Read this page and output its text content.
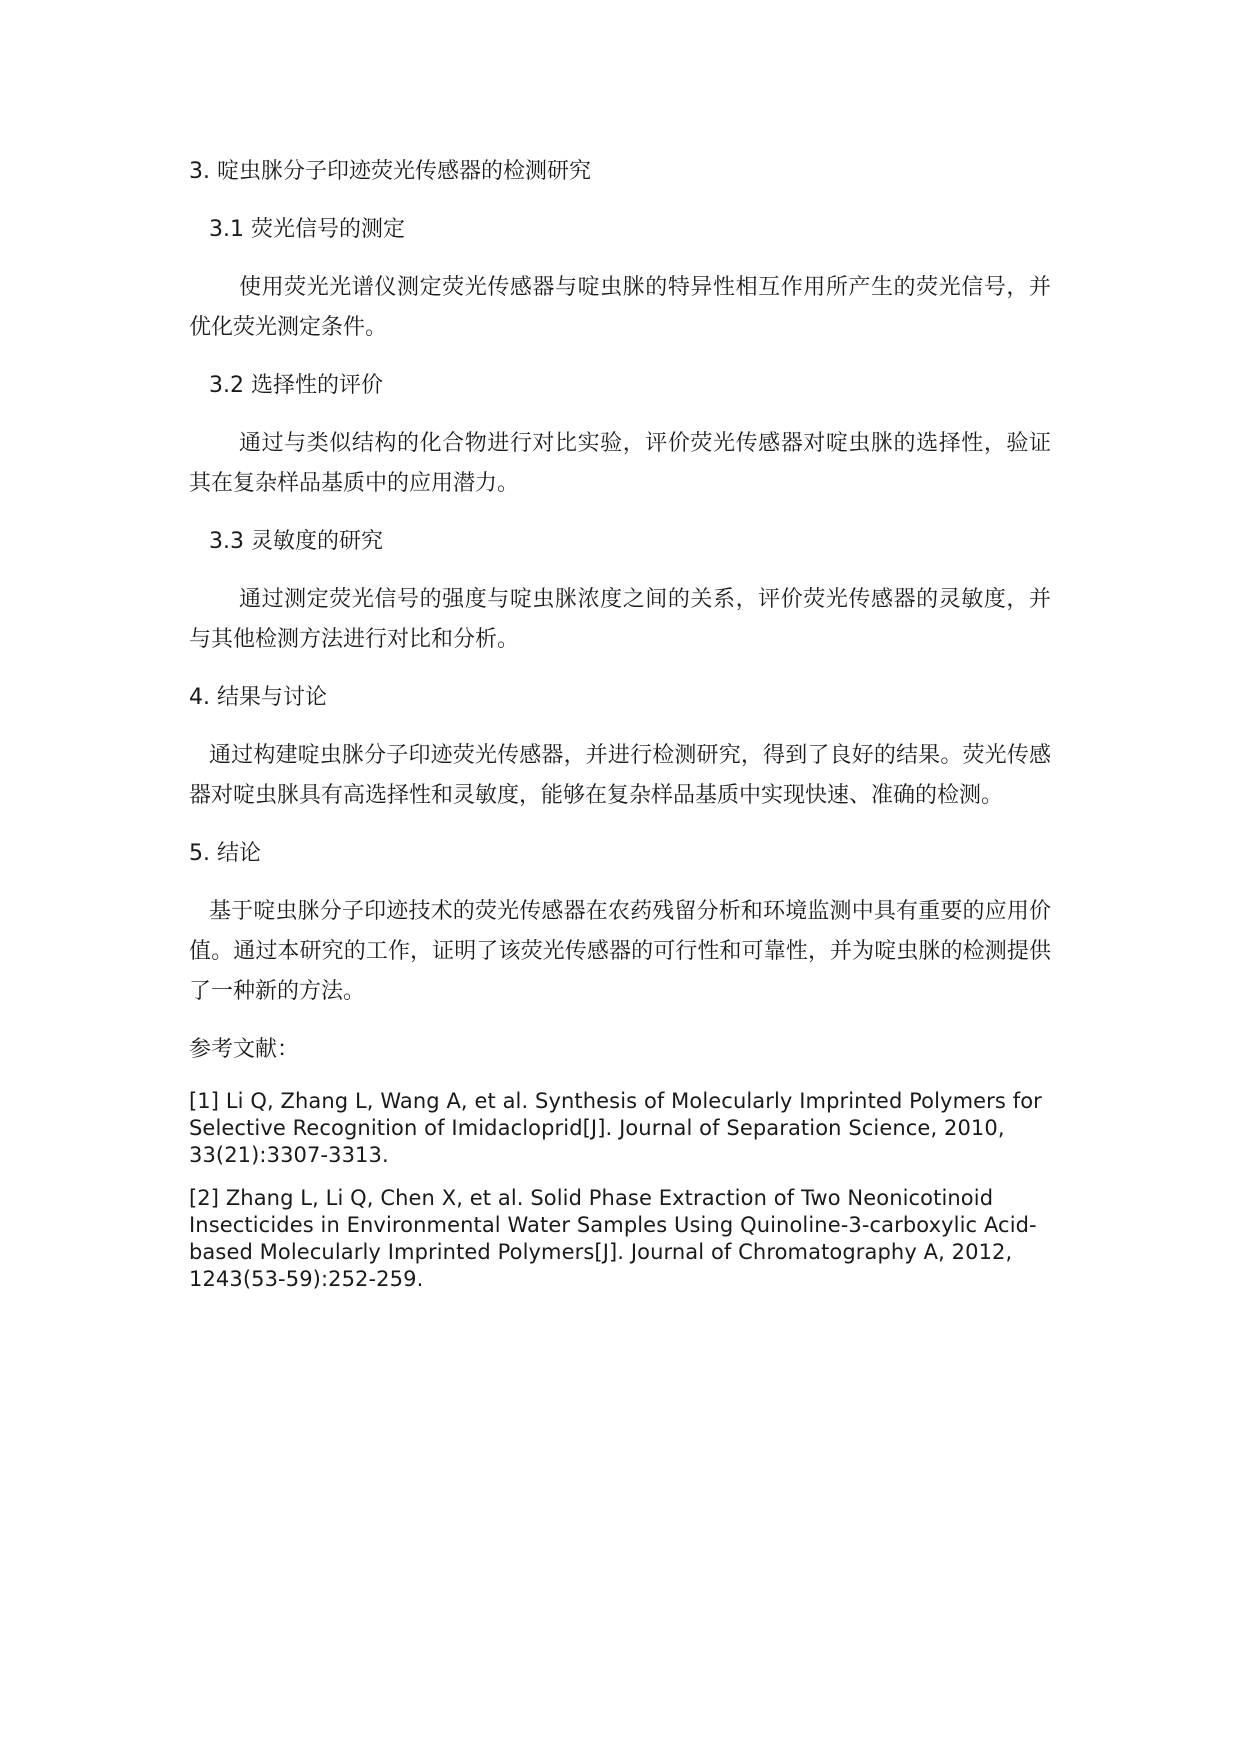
3. 啶虫脒分子印迹荧光传感器的检测研究
3.1 荧光信号的测定

使用荧光光谱仪测定荧光传感器与啶虫脒的特异性相互作用所产生的荧光信号，并优化荧光测定条件。

3.2 选择性的评价

通过与类似结构的化合物进行对比实验，评价荧光传感器对啶虫脒的选择性，验证其在复杂样品基质中的应用潜力。

3.3 灵敏度的研究

通过测定荧光信号的强度与啶虫脒浓度之间的关系，评价荧光传感器的灵敏度，并与其他检测方法进行对比和分析。

4. 结果与讨论

通过构建啶虫脒分子印迹荧光传感器，并进行检测研究，得到了良好的结果。荧光传感器对啶虫脒具有高选择性和灵敏度，能够在复杂样品基质中实现快速、准确的检测。

5. 结论

基于啶虫脒分子印迹技术的荧光传感器在农药残留分析和环境监测中具有重要的应用价值。通过本研究的工作，证明了该荧光传感器的可行性和可靠性，并为啶虫脒的检测提供了一种新的方法。

参考文献：

[1] Li Q, Zhang L, Wang A, et al. Synthesis of Molecularly Imprinted Polymers for Selective Recognition of Imidacloprid[J]. Journal of Separation Science, 2010, 33(21):3307-3313.

[2] Zhang L, Li Q, Chen X, et al. Solid Phase Extraction of Two Neonicotinoid Insecticides in Environmental Water Samples Using Quinoline-3-carboxylic Acid-based Molecularly Imprinted Polymers[J]. Journal of Chromatography A, 2012, 1243(53-59):252-259.
